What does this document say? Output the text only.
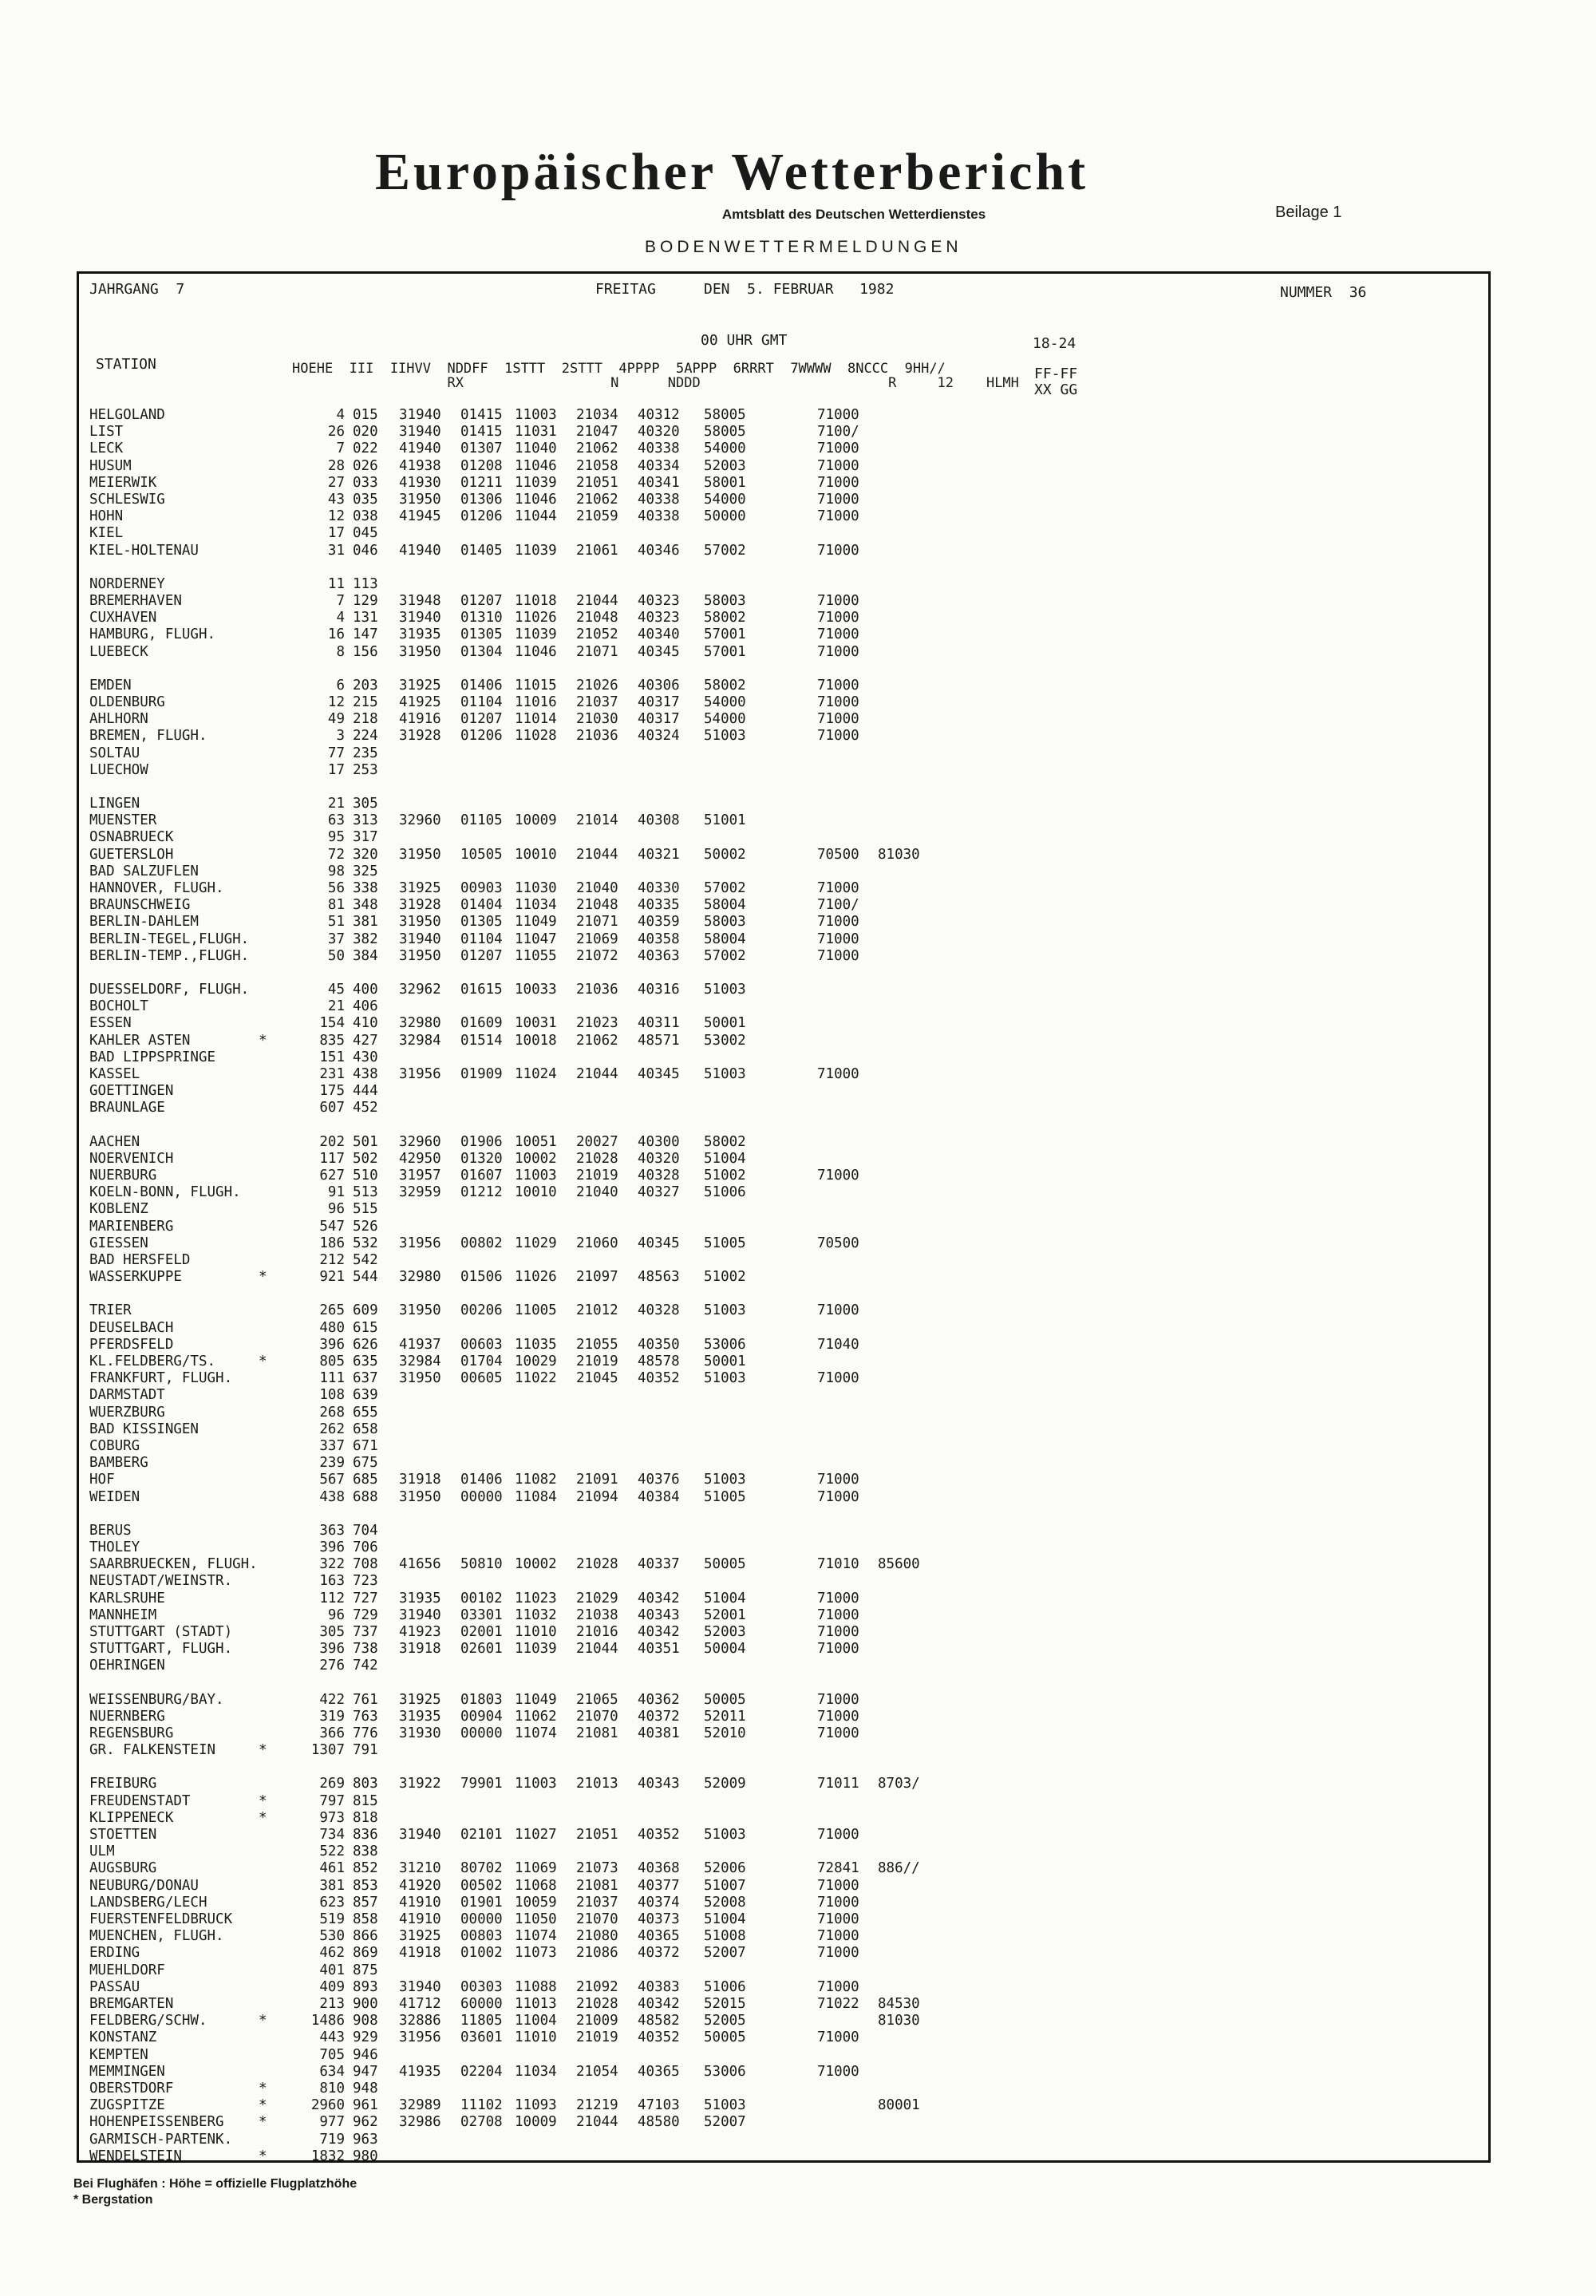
Europäischer Wetterbericht
Amtsblatt des Deutschen Wetterdienstes	Beilage 1
BODENWETTERMELDUNGEN
JAHRGANG  7	FREITAG	DEN  5. FEBRUAR   1982	NUMMER  36
00 UHR GMT	18-24
STATION	HOEHE  III  IIHVV  NDDFF  1STTT  2STTT  4PPPP  5APPP  6RRRT  7WWWW  8NCCC  9HH//
RX                  N      NDDD                       R     12    HLMH
FF-FF
XX GG
HELGOLAND	4 015 31940 01415 11003 21034 40312 58005	71000
LIST	26 020 31940 01415 11031 21047 40320 58005	7100/
LECK	7 022 41940 01307 11040 21062 40338 54000	71000
HUSUM	28 026 41938 01208 11046 21058 40334 52003	71000
MEIERWIK	27 033 41930 01211 11039 21051 40341 58001	71000
SCHLESWIG	43 035 31950 01306 11046 21062 40338 54000	71000
HOHN	12 038 41945 01206 11044 21059 40338 50000	71000
KIEL	17 045
KIEL-HOLTENAU	31 046 41940 01405 11039 21061 40346 57002	71000
NORDERNEY	11 113
BREMERHAVEN	7 129 31948 01207 11018 21044 40323 58003	71000
CUXHAVEN	4 131 31940 01310 11026 21048 40323 58002	71000
HAMBURG, FLUGH.	16 147 31935 01305 11039 21052 40340 57001	71000
LUEBECK	8 156 31950 01304 11046 21071 40345 57001	71000
EMDEN	6 203 31925 01406 11015 21026 40306 58002	71000
OLDENBURG	12 215 41925 01104 11016 21037 40317 54000	71000
AHLHORN	49 218 41916 01207 11014 21030 40317 54000	71000
BREMEN, FLUGH.	3 224 31928 01206 11028 21036 40324 51003	71000
SOLTAU	77 235
LUECHOW	17 253
LINGEN	21 305
MUENSTER	63 313 32960 01105 10009 21014 40308 51001
OSNABRUECK	95 317
GUETERSLOH	72 320 31950 10505 10010 21044 40321 50002	70500 81030
BAD SALZUFLEN	98 325
HANNOVER, FLUGH.	56 338 31925 00903 11030 21040 40330 57002	71000
BRAUNSCHWEIG	81 348 31928 01404 11034 21048 40335 58004	7100/
BERLIN-DAHLEM	51 381 31950 01305 11049 21071 40359 58003	71000
BERLIN-TEGEL,FLUGH.	37 382 31940 01104 11047 21069 40358 58004	71000
BERLIN-TEMP.,FLUGH.	50 384 31950 01207 11055 21072 40363 57002	71000
DUESSELDORF, FLUGH.	45 400 32962 01615 10033 21036 40316 51003
BOCHOLT	21 406
ESSEN	154 410 32980 01609 10031 21023 40311 50001
KAHLER ASTEN	*	835 427 32984 01514 10018 21062 48571 53002
BAD LIPPSPRINGE	151 430
KASSEL	231 438 31956 01909 11024 21044 40345 51003	71000
GOETTINGEN	175 444
BRAUNLAGE	607 452
AACHEN	202 501 32960 01906 10051 20027 40300 58002
NOERVENICH	117 502 42950 01320 10002 21028 40320 51004
NUERBURG	627 510 31957 01607 11003 21019 40328 51002	71000
KOELN-BONN, FLUGH.	91 513 32959 01212 10010 21040 40327 51006
KOBLENZ	96 515
MARIENBERG	547 526
GIESSEN	186 532 31956 00802 11029 21060 40345 51005	70500
BAD HERSFELD	212 542
WASSERKUPPE	*	921 544 32980 01506 11026 21097 48563 51002
TRIER	265 609 31950 00206 11005 21012 40328 51003	71000
DEUSELBACH	480 615
PFERDSFELD	396 626 41937 00603 11035 21055 40350 53006	71040
KL.FELDBERG/TS.	*	805 635 32984 01704 10029 21019 48578 50001
FRANKFURT, FLUGH.	111 637 31950 00605 11022 21045 40352 51003	71000
DARMSTADT	108 639
WUERZBURG	268 655
BAD KISSINGEN	262 658
COBURG	337 671
BAMBERG	239 675
HOF	567 685 31918 01406 11082 21091 40376 51003	71000
WEIDEN	438 688 31950 00000 11084 21094 40384 51005	71000
BERUS	363 704
THOLEY	396 706
SAARBRUECKEN, FLUGH.	322 708 41656 50810 10002 21028 40337 50005	71010 85600
NEUSTADT/WEINSTR.	163 723
KARLSRUHE	112 727 31935 00102 11023 21029 40342 51004	71000
MANNHEIM	96 729 31940 03301 11032 21038 40343 52001	71000
STUTTGART (STADT)	305 737 41923 02001 11010 21016 40342 52003	71000
STUTTGART, FLUGH.	396 738 31918 02601 11039 21044 40351 50004	71000
OEHRINGEN	276 742
WEISSENBURG/BAY.	422 761 31925 01803 11049 21065 40362 50005	71000
NUERNBERG	319 763 31935 00904 11062 21070 40372 52011	71000
REGENSBURG	366 776 31930 00000 11074 21081 40381 52010	71000
GR. FALKENSTEIN	*	1307 791
FREIBURG	269 803 31922 79901 11003 21013 40343 52009	71011 8703/
FREUDENSTADT	*	797 815
KLIPPENECK	*	973 818
STOETTEN	734 836 31940 02101 11027 21051 40352 51003	71000
ULM	522 838
AUGSBURG	461 852 31210 80702 11069 21073 40368 52006	72841 886//
NEUBURG/DONAU	381 853 41920 00502 11068 21081 40377 51007	71000
LANDSBERG/LECH	623 857 41910 01901 10059 21037 40374 52008	71000
FUERSTENFELDBRUCK	519 858 41910 00000 11050 21070 40373 51004	71000
MUENCHEN, FLUGH.	530 866 31925 00803 11074 21080 40365 51008	71000
ERDING	462 869 41918 01002 11073 21086 40372 52007	71000
MUEHLDORF	401 875
PASSAU	409 893 31940 00303 11088 21092 40383 51006	71000
BREMGARTEN	213 900 41712 60000 11013 21028 40342 52015	71022 84530
FELDBERG/SCHW.	*	1486 908 32886 11805 11004 21009 48582 52005	81030
KONSTANZ	443 929 31956 03601 11010 21019 40352 50005	71000
KEMPTEN	705 946
MEMMINGEN	634 947 41935 02204 11034 21054 40365 53006	71000
OBERSTDORF	*	810 948
ZUGSPITZE	*	2960 961 32989 11102 11093 21219 47103 51003	80001
HOHENPEISSENBERG *	977 962 32986 02708 10009 21044 48580 52007
GARMISCH-PARTENK.	719 963
WENDELSTEIN	*	1832 980
Bei Flughäfen : Höhe = offizielle Flugplatzhöhe
* Bergstation
